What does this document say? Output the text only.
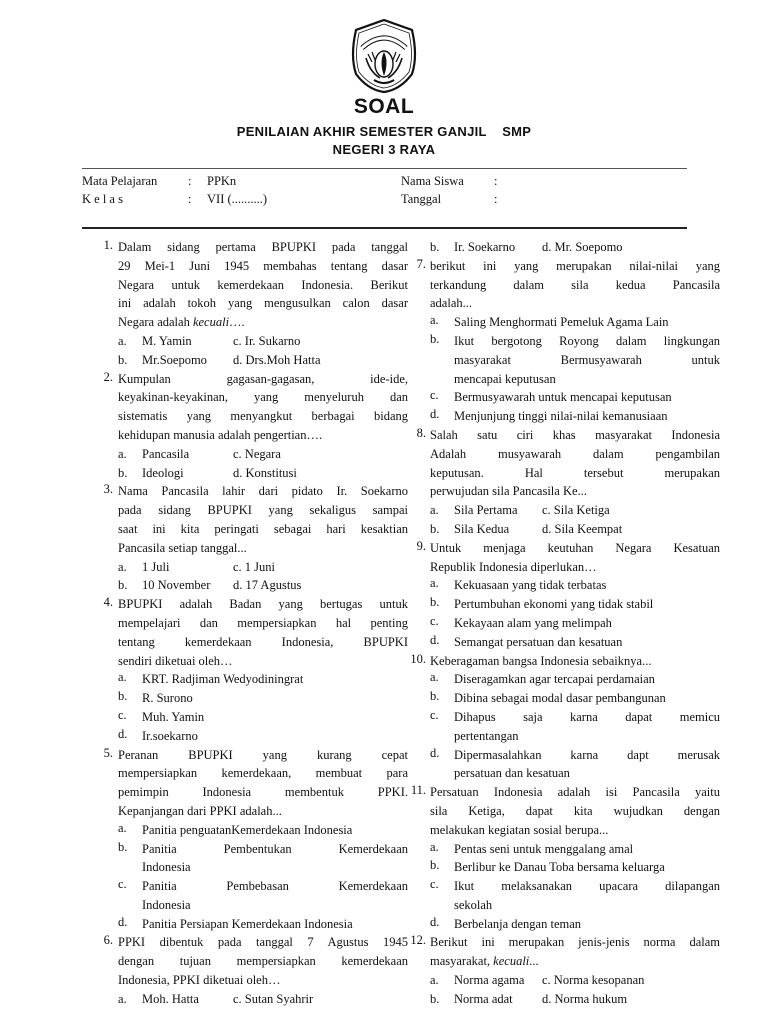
SOAL
PENILAIAN AKHIR SEMESTER GANJIL    SMP
NEGERI 3 RAYA
Mata Pelajaran : PPKn	Nama Siswa :
K e l a s	: VII (..........)	Tanggal	:
1. Dalam sidang pertama BPUPKI pada tanggal
29 Mei-1 Juni 1945 membahas tentang dasar
Negara untuk kemerdekaan Indonesia. Berikut
ini adalah tokoh yang mengusulkan calon dasar
Negara adalah kecuali….
a. M. Yamin	c. Ir. Sukarno
b. Mr.Soepomo d. Drs.Moh Hatta
2. Kumpulan gagasan-gagasan, ide-ide,
keyakinan-keyakinan, yang menyeluruh dan
sistematis yang menyangkut berbagai bidang
kehidupan manusia adalah pengertian….
a. Pancasila	c. Negara
b. Ideologi	d. Konstitusi
3. Nama Pancasila lahir dari pidato Ir. Soekarno
pada sidang BPUPKI yang sekaligus sampai
saat ini kita peringati sebagai hari kesaktian
Pancasila setiap tanggal...
a. 1 Juli	c. 1 Juni
b. 10 November d. 17 Agustus
4. BPUPKI adalah Badan yang bertugas untuk
mempelajari dan mempersiapkan hal penting
tentang kemerdekaan Indonesia, BPUPKI
sendiri diketuai oleh…
a. KRT. Radjiman Wedyodiningrat
b. R. Surono
c. Muh. Yamin
d. Ir.soekarno
5. Peranan BPUPKI yang kurang cepat
mempersiapkan kemerdekaan, membuat para
pemimpin Indonesia membentuk PPKI.
Kepanjangan dari PPKI adalah...
a. Panitia penguatanKemerdekaan Indonesia
b. Panitia Pembentukan Kemerdekaan
Indonesia
c. Panitia Pembebasan Kemerdekaan
Indonesia
d. Panitia Persiapan Kemerdekaan Indonesia
6. PPKI dibentuk pada tanggal 7 Agustus 1945
dengan tujuan mempersiapkan kemerdekaan
Indonesia, PPKI diketuai oleh…
a. Moh. Hatta	c. Sutan Syahrir
b. Ir. Soekarno d. Mr. Soepomo
7. berikut ini yang merupakan nilai-nilai yang
terkandung dalam sila kedua Pancasila
adalah...
a. Saling Menghormati Pemeluk Agama Lain
b. Ikut bergotong Royong dalam lingkungan
masyarakat Bermusyawarah untuk
mencapai keputusan
c. Bermusyawarah untuk mencapai keputusan
d. Menjunjung tinggi nilai-nilai kemanusiaan
8. Salah satu ciri khas masyarakat Indonesia
Adalah musyawarah dalam pengambilan
keputusan. Hal tersebut merupakan
perwujudan sila Pancasila Ke...
a. Sila Pertama c. Sila Ketiga
b. Sila Kedua	d. Sila Keempat
9. Untuk menjaga keutuhan Negara Kesatuan
Republik Indonesia diperlukan…
a. Kekuasaan yang tidak terbatas
b. Pertumbuhan ekonomi yang tidak stabil
c. Kekayaan alam yang melimpah
d. Semangat persatuan dan kesatuan
10. Keberagaman bangsa Indonesia sebaiknya...
a. Diseragamkan agar tercapai perdamaian
b. Dibina sebagai modal dasar pembangunan
c. Dihapus saja karna dapat memicu
pertentangan
d. Dipermasalahkan karna dapt merusak
persatuan dan kesatuan
11. Persatuan Indonesia adalah isi Pancasila yaitu
sila Ketiga, dapat kita wujudkan dengan
melakukan kegiatan sosial berupa...
a. Pentas seni untuk menggalang amal
b. Berlibur ke Danau Toba bersama keluarga
c. Ikut melaksanakan upacara dilapangan
sekolah
d. Berbelanja dengan teman
12. Berikut ini merupakan jenis-jenis norma dalam
masyarakat, kecuali...
a. Norma agama c. Norma kesopanan
b. Norma adat d. Norma hukum
